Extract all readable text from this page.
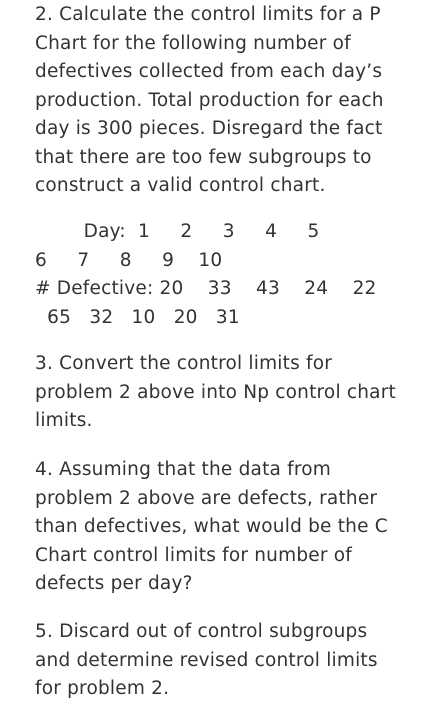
2. Calculate the control limits for a P
Chart for the following number of
defectives collected from each day’s
production. Total production for each
day is 300 pieces. Disregard the fact
that there are too few subgroups to
construct a valid control chart.

Day:  1     2     3     4     5
6     7     8     9    10
# Defective: 20    33    43    24    22
65   32   10   20   31

3. Convert the control limits for
problem 2 above into Np control chart
limits.

4. Assuming that the data from
problem 2 above are defects, rather
than defectives, what would be the C
Chart control limits for number of
defects per day?

5. Discard out of control subgroups
and determine revised control limits
for problem 2.
